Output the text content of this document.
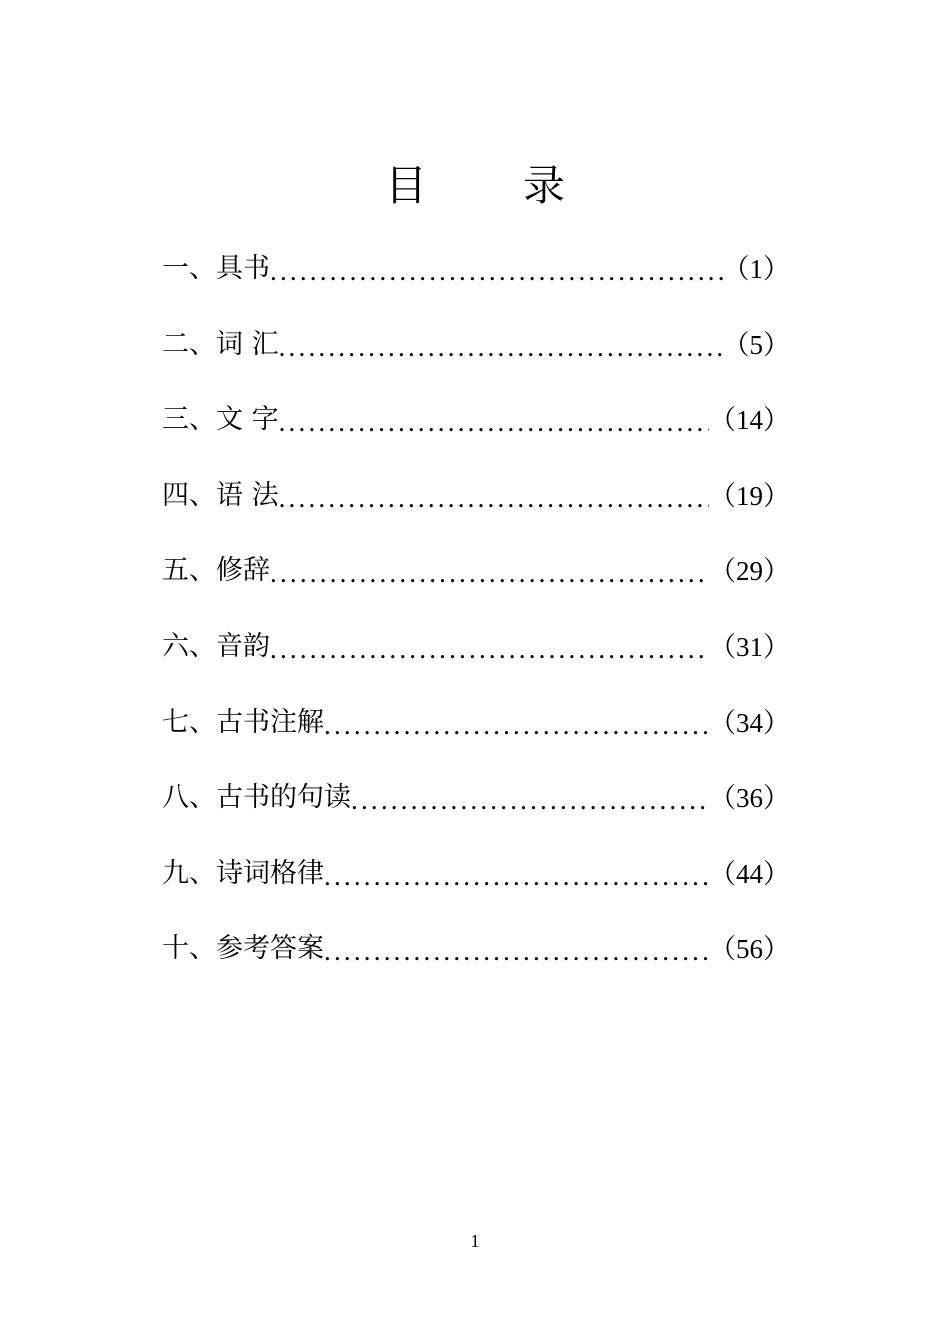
目 录
一、具书 .....	（1）
二、词 汇 .....	（5）
三、文 字 .....	（14）
四、语 法 .....	（19）
五、修辞 .....	（29）
六、音韵 .....	（31）
七、古书注解 .....	（34）
八、古书的句读 .....	（36）
九、诗词格律 .....	（44）
十、参考答案 .....	（56）
1
